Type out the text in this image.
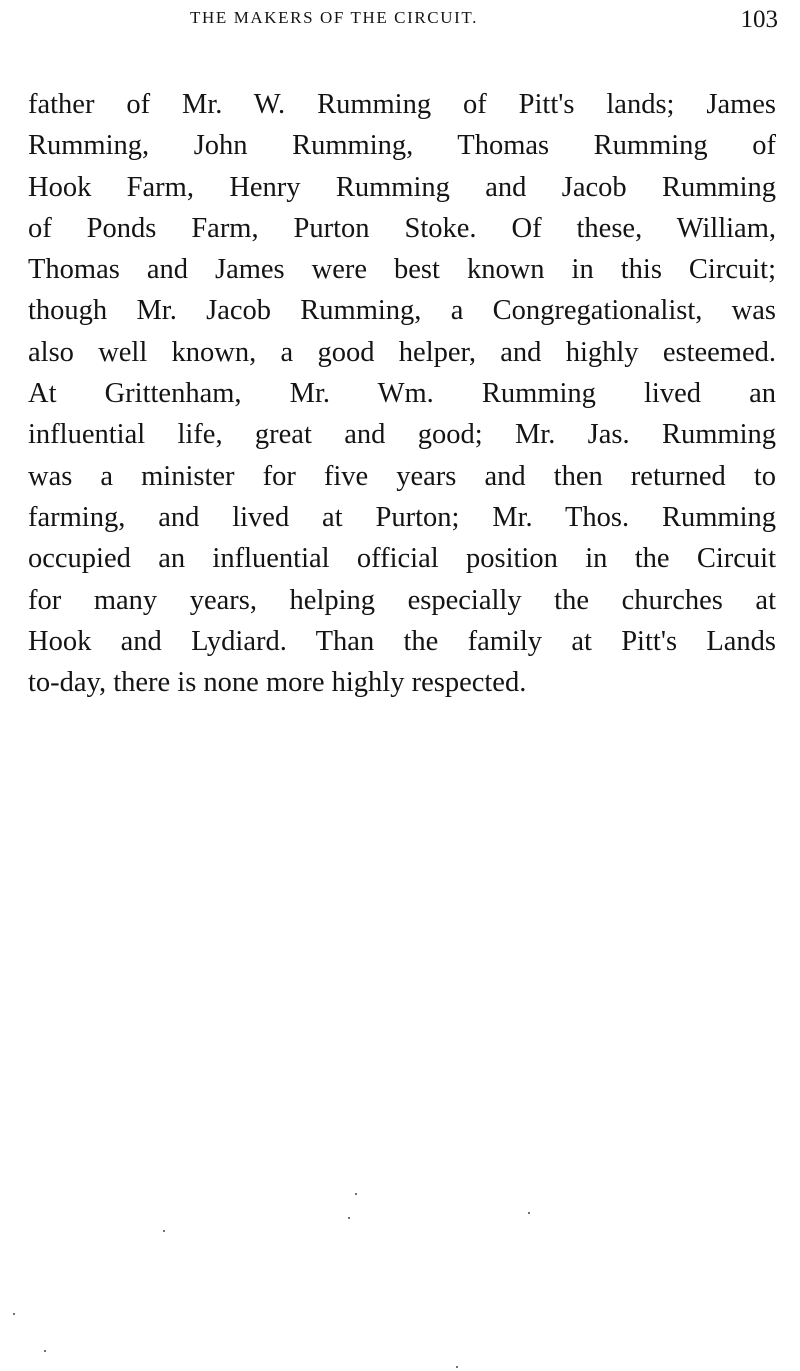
THE MAKERS OF THE CIRCUIT.	103
father of Mr. W. Rumming of Pitt's lands; James
Rumming, John Rumming, Thomas Rumming of
Hook Farm, Henry Rumming and Jacob Rumming
of Ponds Farm, Purton Stoke. Of these, William,
Thomas and James were best known in this Circuit;
though Mr. Jacob Rumming, a Congregationalist, was
also well known, a good helper, and highly esteemed.
At Grittenham, Mr. Wm. Rumming lived an
influential life, great and good; Mr. Jas. Rumming
was a minister for five years and then returned to
farming, and lived at Purton; Mr. Thos. Rumming
occupied an influential official position in the Circuit
for many years, helping especially the churches at
Hook and Lydiard. Than the family at Pitt's Lands
to-day, there is none more highly respected.
